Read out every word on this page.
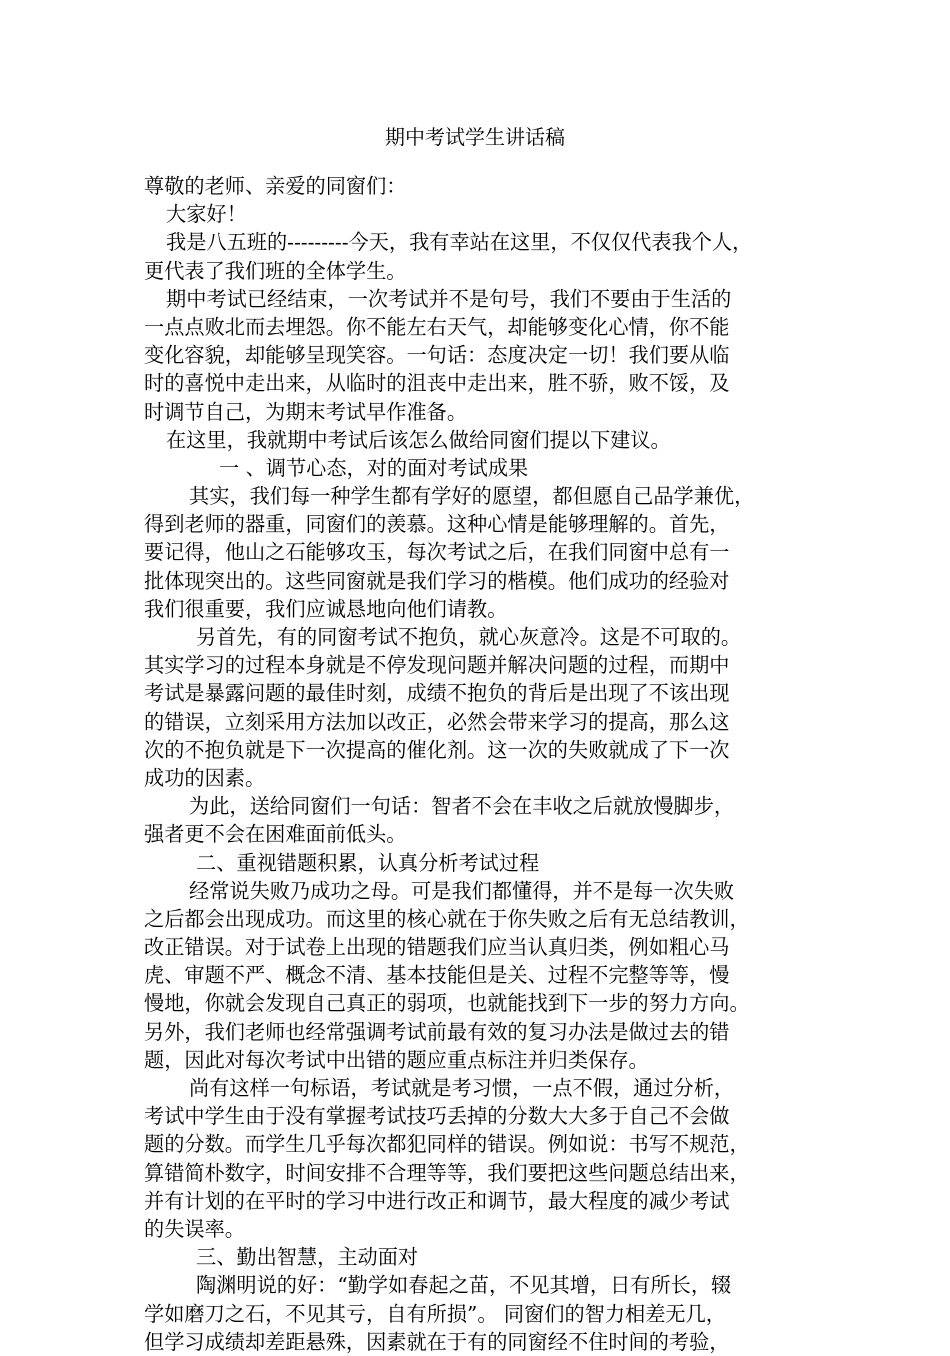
期中考试学生讲话稿
尊敬的老师、亲爱的同窗们：
大家好！
我是八五班的---------今天，我有幸站在这里，不仅仅代表我个人，
更代表了我们班的全体学生。
期中考试已经结束，一次考试并不是句号，我们不要由于生活的
一点点败北而去埋怨。你不能左右天气，却能够变化心情，你不能
变化容貌，却能够呈现笑容。一句话：态度决定一切！我们要从临
时的喜悦中走出来，从临时的沮丧中走出来，胜不骄，败不馁，及
时调节自己，为期末考试早作准备。
在这里，我就期中考试后该怎么做给同窗们提以下建议。
一 、调节心态，对的面对考试成果
其实，我们每一种学生都有学好的愿望，都但愿自己品学兼优，
得到老师的器重，同窗们的羡慕。这种心情是能够理解的。首先，
要记得，他山之石能够攻玉，每次考试之后，在我们同窗中总有一
批体现突出的。这些同窗就是我们学习的楷模。他们成功的经验对
我们很重要，我们应诚恳地向他们请教。
另首先，有的同窗考试不抱负，就心灰意冷。这是不可取的。
其实学习的过程本身就是不停发现问题并解决问题的过程，而期中
考试是暴露问题的最佳时刻，成绩不抱负的背后是出现了不该出现
的错误，立刻采用方法加以改正，必然会带来学习的提高，那么这
次的不抱负就是下一次提高的催化剂。这一次的失败就成了下一次
成功的因素。
为此，送给同窗们一句话：智者不会在丰收之后就放慢脚步，
强者更不会在困难面前低头。
二、重视错题积累，认真分析考试过程
经常说失败乃成功之母。可是我们都懂得，并不是每一次失败
之后都会出现成功。而这里的核心就在于你失败之后有无总结教训，
改正错误。对于试卷上出现的错题我们应当认真归类，例如粗心马
虎、审题不严、概念不清、基本技能但是关、过程不完整等等，慢
慢地，你就会发现自己真正的弱项，也就能找到下一步的努力方向。
另外，我们老师也经常强调考试前最有效的复习办法是做过去的错
题，因此对每次考试中出错的题应重点标注并归类保存。
尚有这样一句标语，考试就是考习惯，一点不假，通过分析，
考试中学生由于没有掌握考试技巧丢掉的分数大大多于自己不会做
题的分数。而学生几乎每次都犯同样的错误。例如说：书写不规范，
算错简朴数字，时间安排不合理等等，我们要把这些问题总结出来，
并有计划的在平时的学习中进行改正和调节，最大程度的减少考试
的失误率。
三、勤出智慧，主动面对
陶渊明说的好：“勤学如春起之苗，不见其增，日有所长，辍
学如磨刀之石，不见其亏，自有所损”。 同窗们的智力相差无几，
但学习成绩却差距悬殊，因素就在于有的同窗经不住时间的考验，
